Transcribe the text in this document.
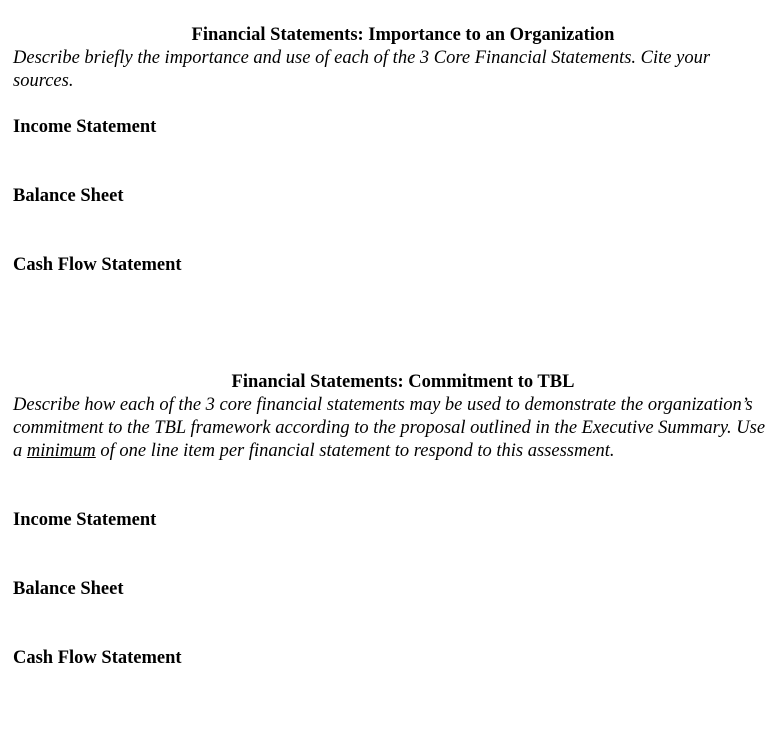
Financial Statements: Importance to an Organization
Describe briefly the importance and use of each of the 3 Core Financial Statements. Cite your sources.
Income Statement
Balance Sheet
Cash Flow Statement
Financial Statements: Commitment to TBL
Describe how each of the 3 core financial statements may be used to demonstrate the organization’s commitment to the TBL framework according to the proposal outlined in the Executive Summary. Use a minimum of one line item per financial statement to respond to this assessment.
Income Statement
Balance Sheet
Cash Flow Statement
